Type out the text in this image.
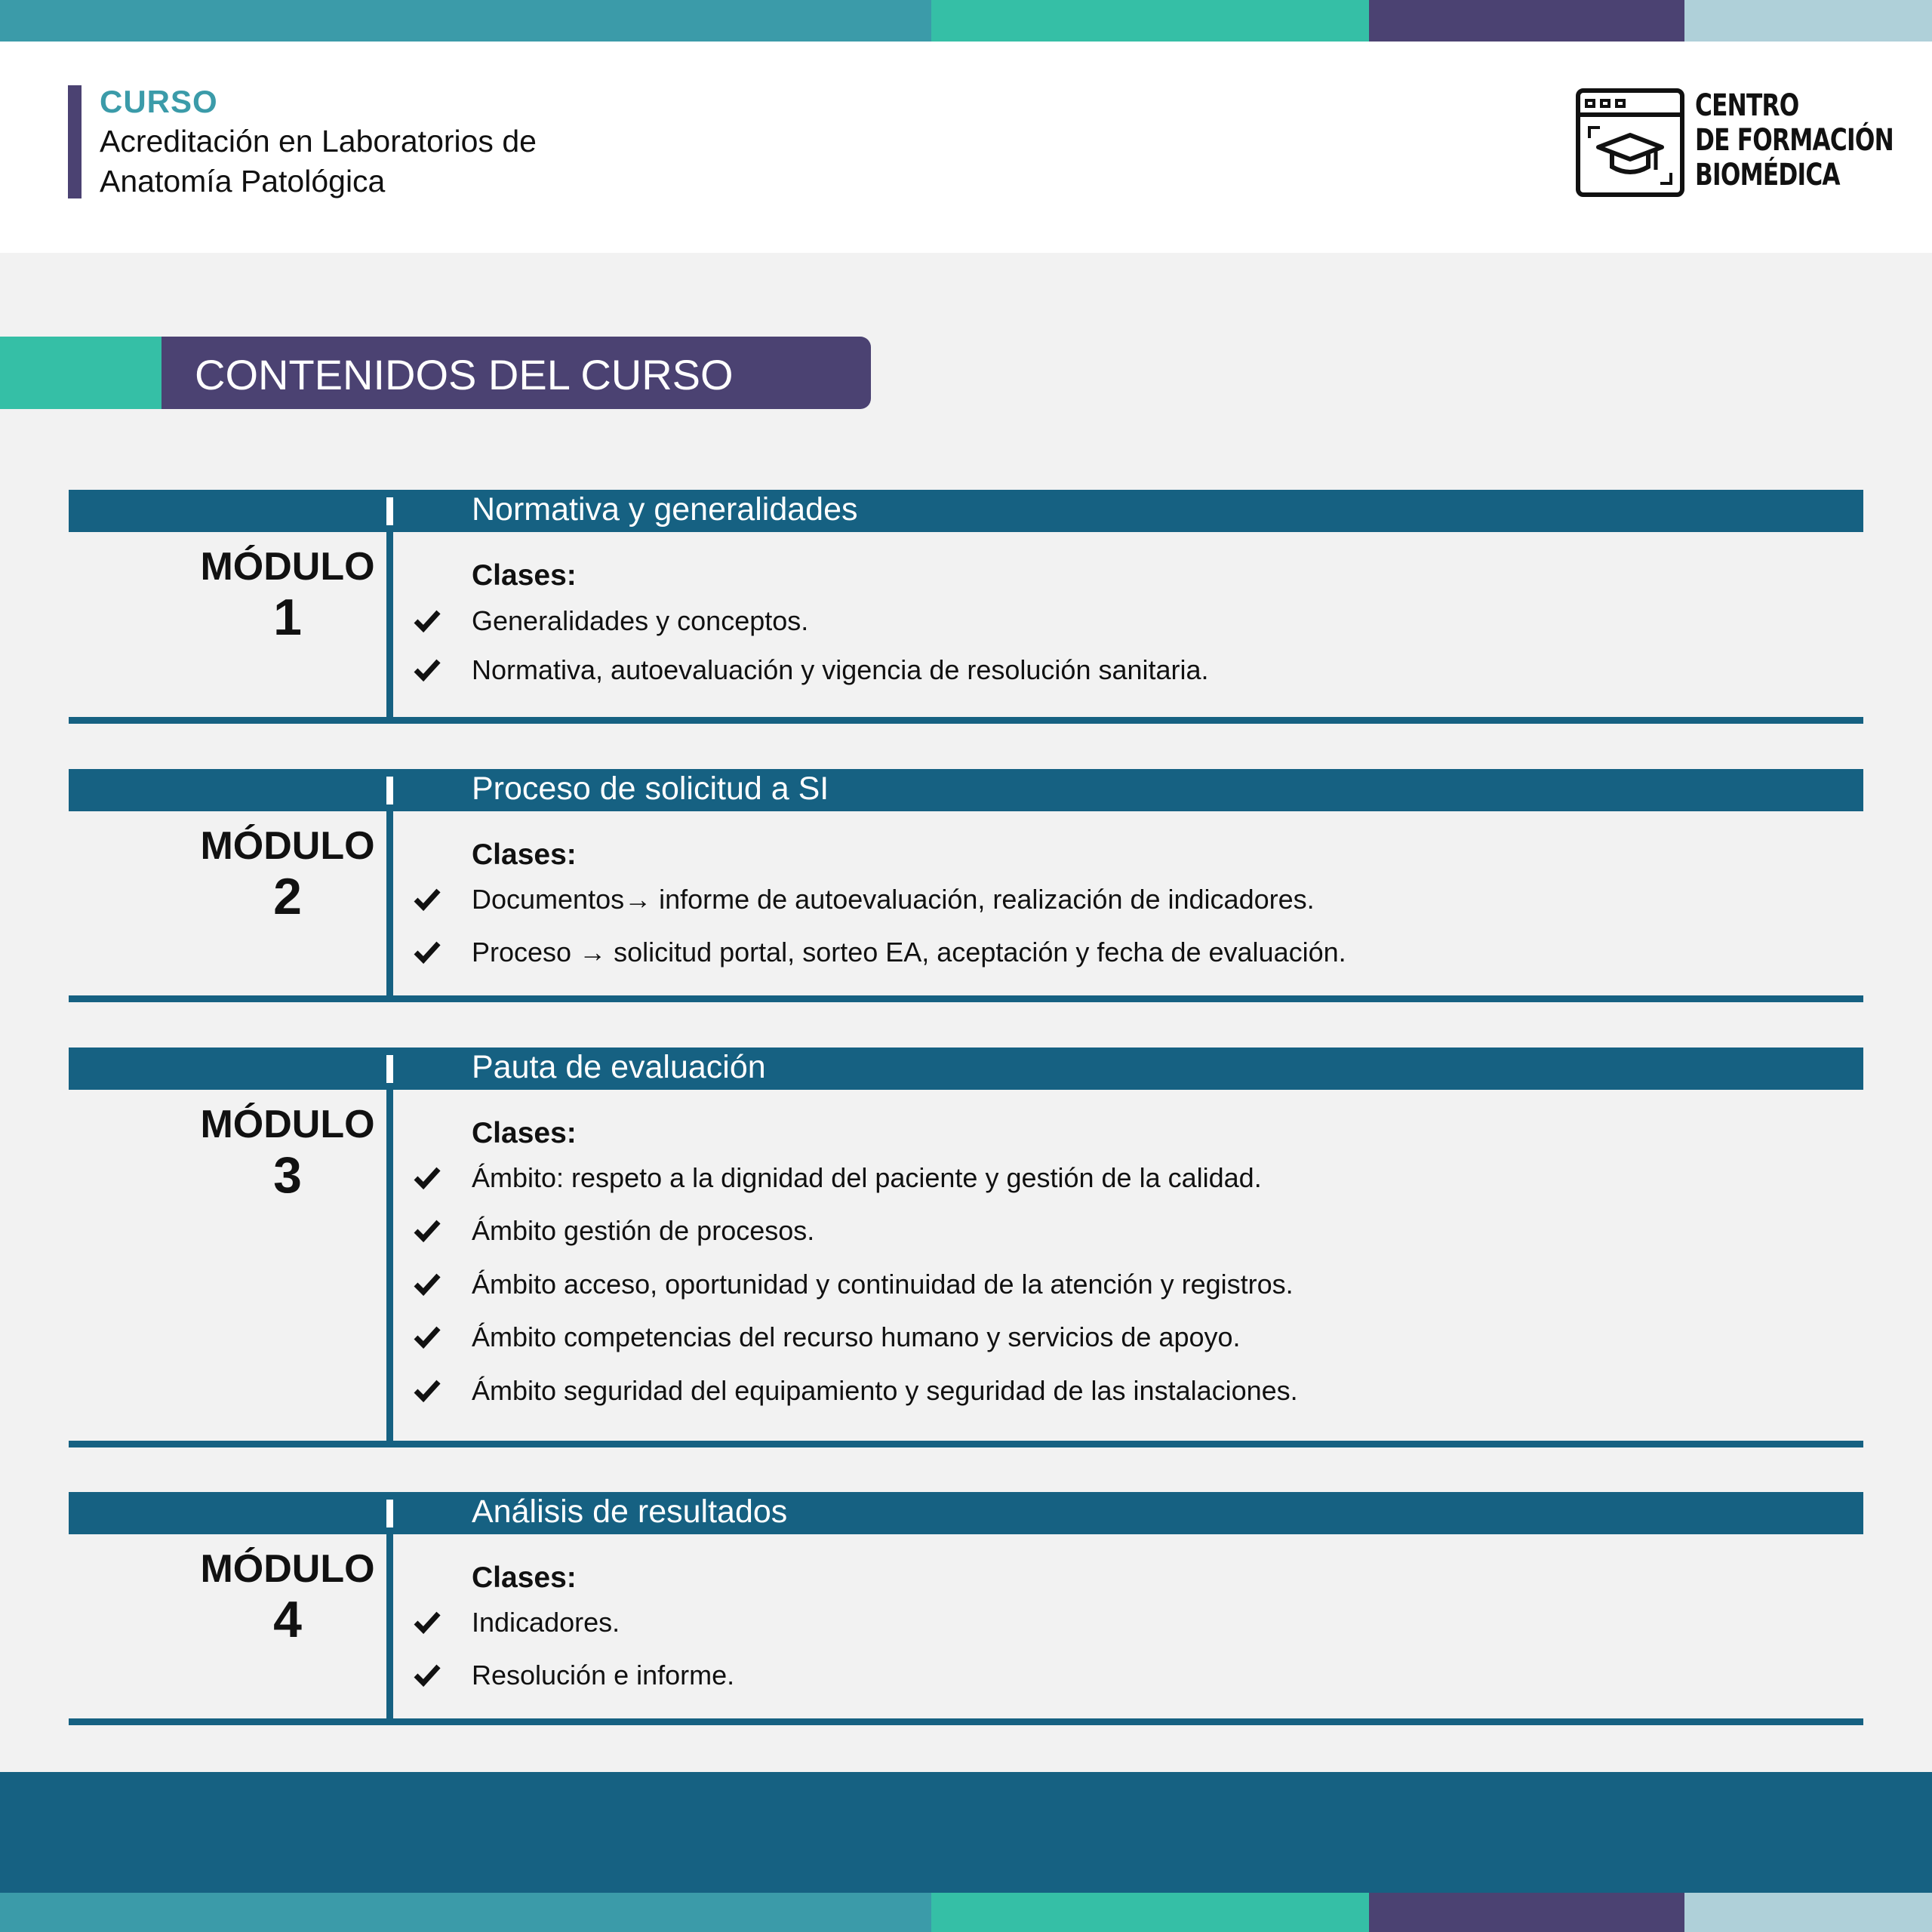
CURSO
Acreditación en Laboratorios de
Anatomía Patológica
CENTRO
DE FORMACIÓN
BIOMÉDICA
CONTENIDOS DEL CURSO
Normativa y generalidades
MÓDULO
1
Clases:
Generalidades y conceptos.
Normativa, autoevaluación y vigencia de resolución sanitaria.
Proceso de solicitud a SI
MÓDULO
2
Clases:
Documentos→ informe de autoevaluación, realización de indicadores.
Proceso → solicitud portal, sorteo EA, aceptación y fecha de evaluación.
Pauta de evaluación
MÓDULO
3
Clases:
Ámbito: respeto a la dignidad del paciente y gestión de la calidad.
Ámbito gestión de procesos.
Ámbito acceso, oportunidad y continuidad de la atención y registros.
Ámbito competencias del recurso humano y servicios de apoyo.
Ámbito seguridad del equipamiento y seguridad de las instalaciones.
Análisis de resultados
MÓDULO
4
Clases:
Indicadores.
Resolución e informe.
